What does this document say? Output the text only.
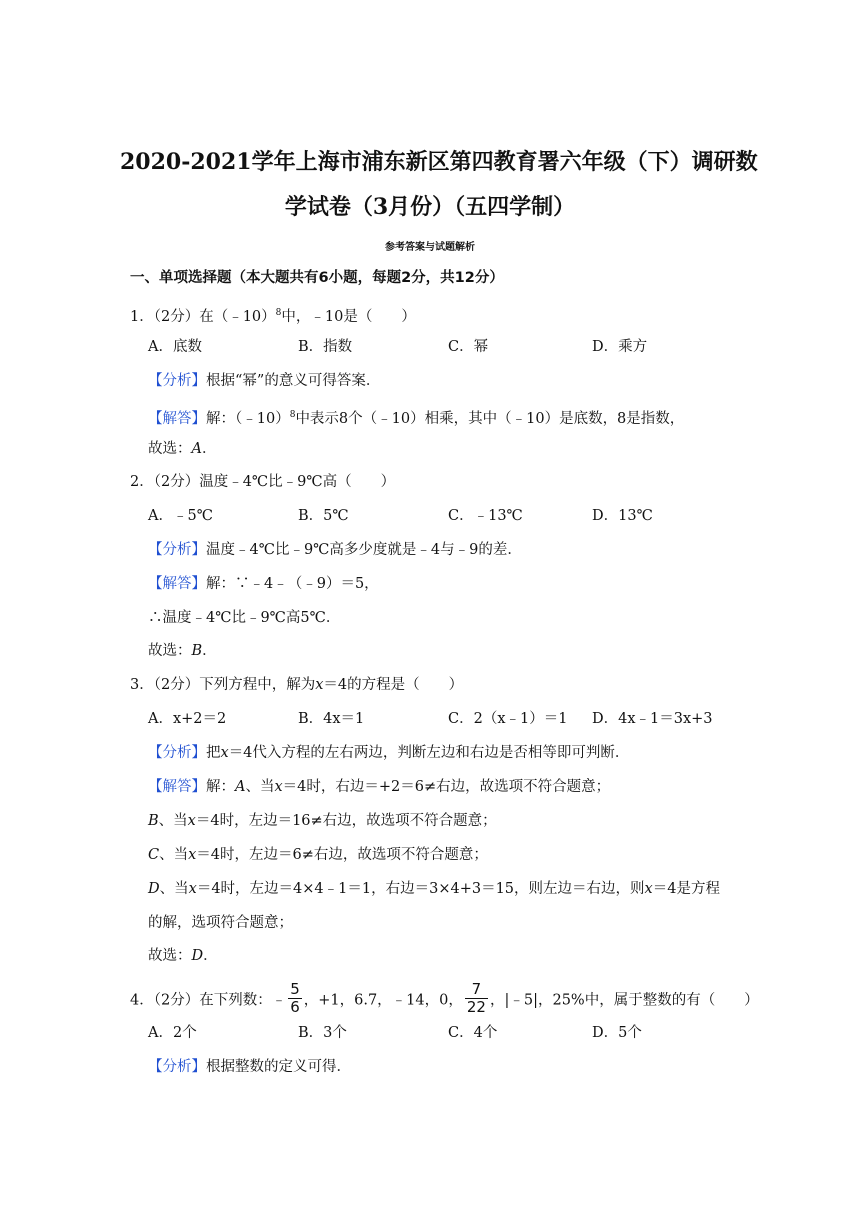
2020-2021学年上海市浦东新区第四教育署六年级（下）调研数
学试卷（3月份）（五四学制）
参考答案与试题解析
一、单项选择题（本大题共有6小题，每题2分，共12分）
1．（2分）在（﹣10）$^8$中，﹣10是（　　）
A．底数	B．指数	C．幂	D．乘方
【分析】根据“幂”的意义可得答案．
【解答】解：（﹣10）$^8$中表示8个（﹣10）相乘，其中（﹣10）是底数，8是指数，
故选：A．
2．（2分）温度﹣4℃比﹣9℃高（　　）
A．﹣5℃	B．5℃	C．﹣13℃	D．13℃
【分析】温度﹣4℃比﹣9℃高多少度就是﹣4与﹣9的差．
【解答】解：∵﹣4﹣（﹣9）＝5，
∴温度﹣4℃比﹣9℃高5℃．
故选：B．
3．（2分）下列方程中，解为x＝4的方程是（　　）
A．x+2＝2	B．4x＝1	C．2（x﹣1）＝1 D．4x﹣1＝3x+3
【分析】把x＝4代入方程的左右两边，判断左边和右边是否相等即可判断．
【解答】解：A、当x＝4时，右边＝+2＝6≠右边，故选项不符合题意；
B、当x＝4时，左边＝16≠右边，故选项不符合题意；
C、当x＝4时，左边＝6≠右边，故选项不符合题意；
D、当x＝4时，左边＝4×4﹣1＝1，右边＝3×4+3＝15，则左边＝右边，则x＝4是方程
的解，选项符合题意；
故选：D．
4．（2分）在下列数：﹣ $\frac{5}{6}$ ，+1，6.7，﹣14，0， $\frac{7}{22}$ ，|﹣5|，25%中，属于整数的有（　　）
A．2个	B．3个	C．4个	D．5个
【分析】根据整数的定义可得．
